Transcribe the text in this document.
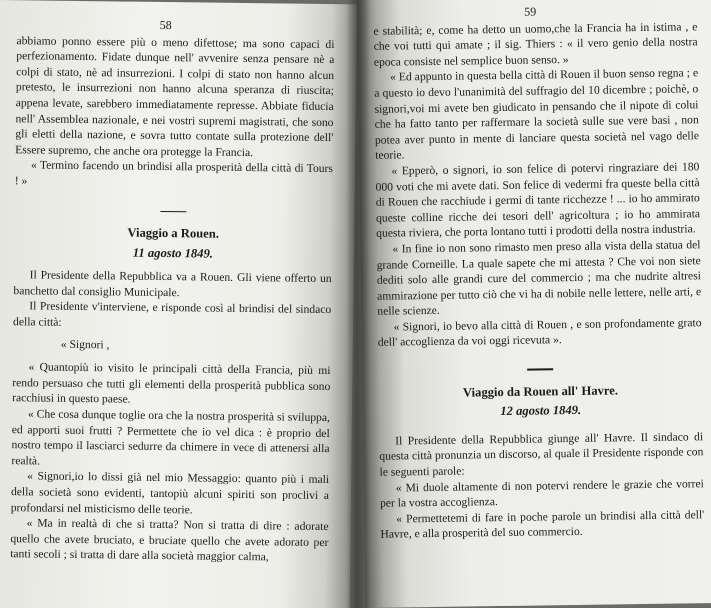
58

abbiamo ponno essere più o meno difettose; ma sono capaci di perfezionamento. Fidate dunque nell' avvenire senza pensare nè a colpi di stato, nè ad insurrezioni. I colpi di stato non hanno alcun pretesto, le insurrezioni non hanno alcuna speranza di riuscita; appena levate, sarebbero immediatamente represse. Abbiate fiducia nell' Assemblea nazionale, e nei vostri supremi magistrati, che sono gli eletti della nazione, e sovra tutto contate sulla protezione dell' Essere supremo, che anche ora protegge la Francia.

« Termino facendo un brindisi alla prosperità della città di Tours ! »

Viaggio a Rouen.
11 agosto 1849.

Il Presidente della Repubblica va a Rouen. Gli viene offerto un banchetto dal consiglio Municipale.

Il Presidente v'interviene, e risponde così al brindisi del sindaco della città:

« Signori ,

« Quantopiù io visito le principali città della Francia, più mi rendo persuaso che tutti gli elementi della prosperità pubblica sono racchiusi in questo paese.

« Che cosa dunque toglie ora che la nostra prosperità si sviluppa, ed apporti suoi frutti ? Permettete che io vel dica : è proprio del nostro tempo il lasciarci sedurre da chimere in vece di attenersi alla realtà.

« Signori,io lo dissi già nel mio Messaggio: quanto più i mali della società sono evidenti, tantopiù alcuni spiriti son proclivi a profondarsi nel misticismo delle teorie.

« Ma in realtà di che si tratta? Non si tratta di dire : adorate quello che avete bruciato, e bruciate quello che avete adorato per tanti secoli ; si tratta di dare alla società maggior calma,

59

e stabilità; e, come ha detto un uomo,che la Francia ha in istima , e che voi tutti qui amate ; il sig. Thiers : « il vero genio della nostra epoca consiste nel semplice buon senso. »

« Ed appunto in questa bella città di Rouen il buon senso regna ; e a questo io devo l'unanimità del suffragio del 10 dicembre ; poichè, o signori,voi mi avete ben giudicato in pensando che il nipote di colui che ha fatto tanto per raffermare la società sulle sue vere basi , non potea aver punto in mente di lanciare questa società nel vago delle teorie.

« Epperò, o signori, io son felice di potervi ringraziare dei 180 000 voti che mi avete dati. Son felice di vedermi fra queste bella città di Rouen che racchiude i germi di tante ricchezze ! ... io ho ammirato queste colline ricche dei tesori dell' agricoltura ; io ho ammirata questa riviera, che porta lontano tutti i prodotti della nostra industria.

« In fine io non sono rimasto men preso alla vista della statua del grande Corneille. La quale sapete che mi attesta ? Che voi non siete dediti solo alle grandi cure del commercio ; ma che nudrite altresi ammirazione per tutto ciò che vi ha di nobile nelle lettere, nelle arti, e nelle scienze.

« Signori, io bevo alla città di Rouen , e son profondamente grato dell' accoglienza da voi oggi ricevuta ».

Viaggio da Rouen all' Havre.
12 agosto 1849.

Il Presidente della Repubblica giunge all' Havre. Il sindaco di questa città pronunzia un discorso, al quale il Presidente risponde con le seguenti parole:

« Mi duole altamente di non potervi rendere le grazie che vorrei per la vostra accoglienza.

« Permettetemi di fare in poche parole un brindisi alla città dell' Havre, e alla prosperità del suo commercio.
